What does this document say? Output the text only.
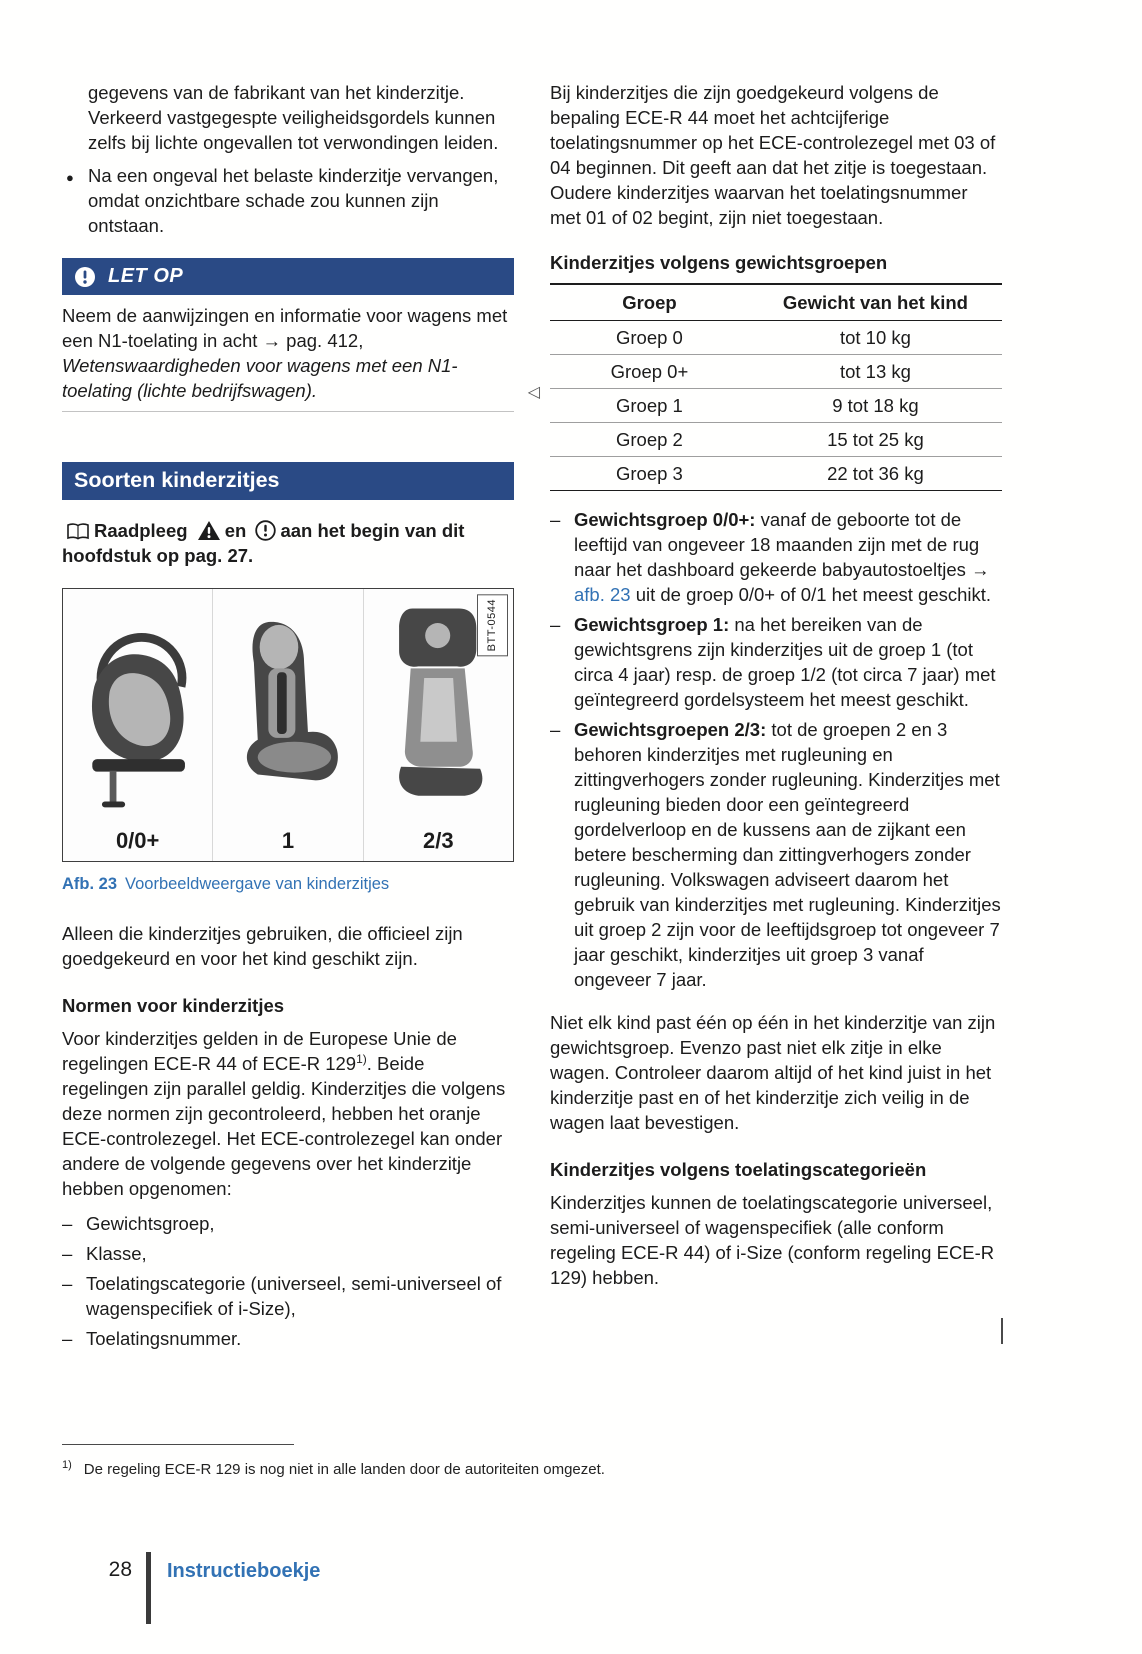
gegevens van de fabrikant van het kinderzitje. Verkeerd vastgegespte veiligheidsgordels kunnen zelfs bij lichte ongevallen tot verwondingen leiden.

● Na een ongeval het belaste kinderzitje vervangen, omdat onzichtbare schade zou kunnen zijn ontstaan.
LET OP
Neem de aanwijzingen en informatie voor wagens met een N1-toelating in acht → pag. 412, Wetenswaardigheden voor wagens met een N1-toelating (lichte bedrijfswagen).	◁
Soorten kinderzitjes

Raadpleeg en aan het begin van dit hoofdstuk op pag. 27.

0/0+	1	2/3
BTT-0544

Afb. 23 Voorbeeldweergave van kinderzitjes

Alleen die kinderzitjes gebruiken, die officieel zijn goedgekeurd en voor het kind geschikt zijn.

Normen voor kinderzitjes

Voor kinderzitjes gelden in de Europese Unie de regelingen ECE-R 44 of ECE-R 129$^{1)}$. Beide regelingen zijn parallel geldig. Kinderzitjes die volgens deze normen zijn gecontroleerd, hebben het oranje ECE-controlezegel. Het ECE-controlezegel kan onder andere de volgende gegevens over het kinderzitje hebben opgenomen:

– Gewichtsgroep,
– Klasse,
– Toelatingscategorie (universeel, semi-universeel of wagenspecifiek of i-Size),
– Toelatingsnummer.

Bij kinderzitjes die zijn goedgekeurd volgens de bepaling ECE-R 44 moet het achtcijferige toelatingsnummer op het ECE-controlezegel met 03 of 04 beginnen. Dit geeft aan dat het zitje is toegestaan. Oudere kinderzitjes waarvan het toelatingsnummer met 01 of 02 begint, zijn niet toegestaan.

Kinderzitjes volgens gewichtsgroepen

Groep	Gewicht van het kind
Groep 0	tot 10 kg
Groep 0+	tot 13 kg
Groep 1	9 tot 18 kg
Groep 2	15 tot 25 kg
Groep 3	22 tot 36 kg
– Gewichtsgroep 0/0+: vanaf de geboorte tot de leeftijd van ongeveer 18 maanden zijn met de rug naar het dashboard gekeerde babyautostoeltjes → afb. 23 uit de groep 0/0+ of 0/1 het meest geschikt.
– Gewichtsgroep 1: na het bereiken van de gewichtsgrens zijn kinderzitjes uit de groep 1 (tot circa 4 jaar) resp. de groep 1/2 (tot circa 7 jaar) met geïntegreerd gordelsysteem het meest geschikt.
– Gewichtsgroepen 2/3: tot de groepen 2 en 3 behoren kinderzitjes met rugleuning en zittingverhogers zonder rugleuning. Kinderzitjes met rugleuning bieden door een geïntegreerd gordelverloop en de kussens aan de zijkant een betere bescherming dan zittingverhogers zonder rugleuning. Volkswagen adviseert daarom het gebruik van kinderzitjes met rugleuning. Kinderzitjes uit groep 2 zijn voor de leeftijdsgroep tot ongeveer 7 jaar geschikt, kinderzitjes uit groep 3 vanaf ongeveer 7 jaar.

Niet elk kind past één op één in het kinderzitje van zijn gewichtsgroep. Evenzo past niet elk zitje in elke wagen. Controleer daarom altijd of het kind juist in het kinderzitje past en of het kinderzitje zich veilig in de wagen laat bevestigen.

Kinderzitjes volgens toelatingscategorieën

Kinderzitjes kunnen de toelatingscategorie universeel, semi-universeel of wagenspecifiek (alle conform regeling ECE-R 44) of i-Size (conform regeling ECE-R 129) hebben.

$^{1)}$ De regeling ECE-R 129 is nog niet in alle landen door de autoriteiten omgezet.

28 Instructieboekje
